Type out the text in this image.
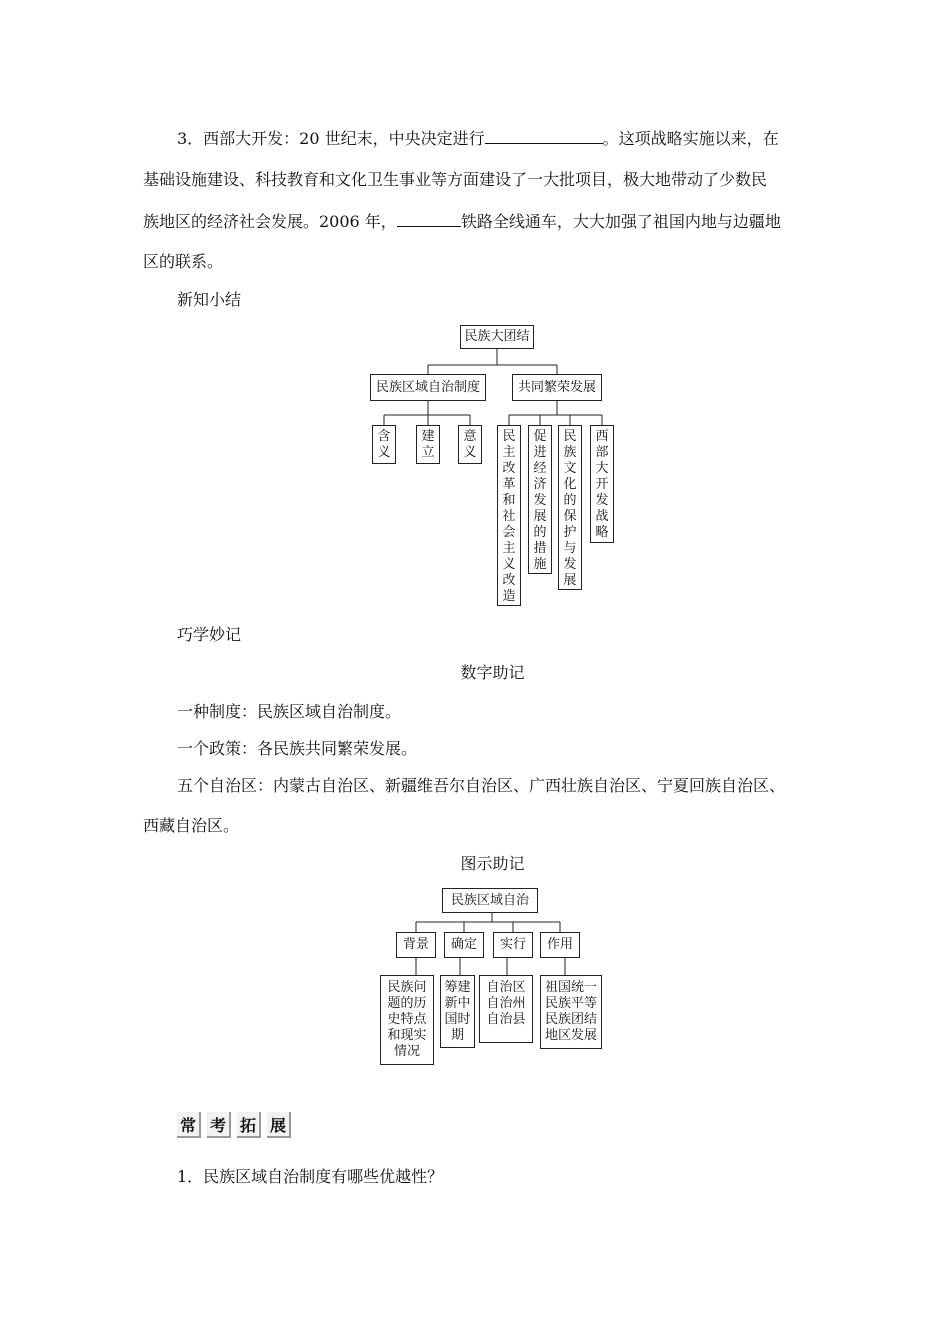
3．西部大开发：20 世纪末，中央决定进行	。这项战略实施以来，在
基础设施建设、科技教育和文化卫生事业等方面建设了一大批项目，极大地带动了少数民
族地区的经济社会发展。2006 年，	铁路全线通车，大大加强了祖国内地与边疆地
区的联系。
新知小结
民族大团结
民族区域自治制度	共同繁荣发展
含
义
建
立
意
义
民
主
改
革
和
社
会
主
义
改
造
促
进
经
济
发
展
的
措
施
民
族
文
化
的
保
护
与
发
展
西
部
大
开
发
战
略
巧学妙记
数字助记
一种制度：民族区域自治制度。
一个政策：各民族共同繁荣发展。
五个自治区：内蒙古自治区、新疆维吾尔自治区、广西壮族自治区、宁夏回族自治区、
西藏自治区。
图示助记
民族区域自治
背景 确定 实行 作用
民族问
题的历
史特点
和现实
情况
筹建
新中
国时
期
自治区
自治州
自治县
祖国统一
民族平等
民族团结
地区发展
常 考 拓 展
1．民族区域自治制度有哪些优越性？
